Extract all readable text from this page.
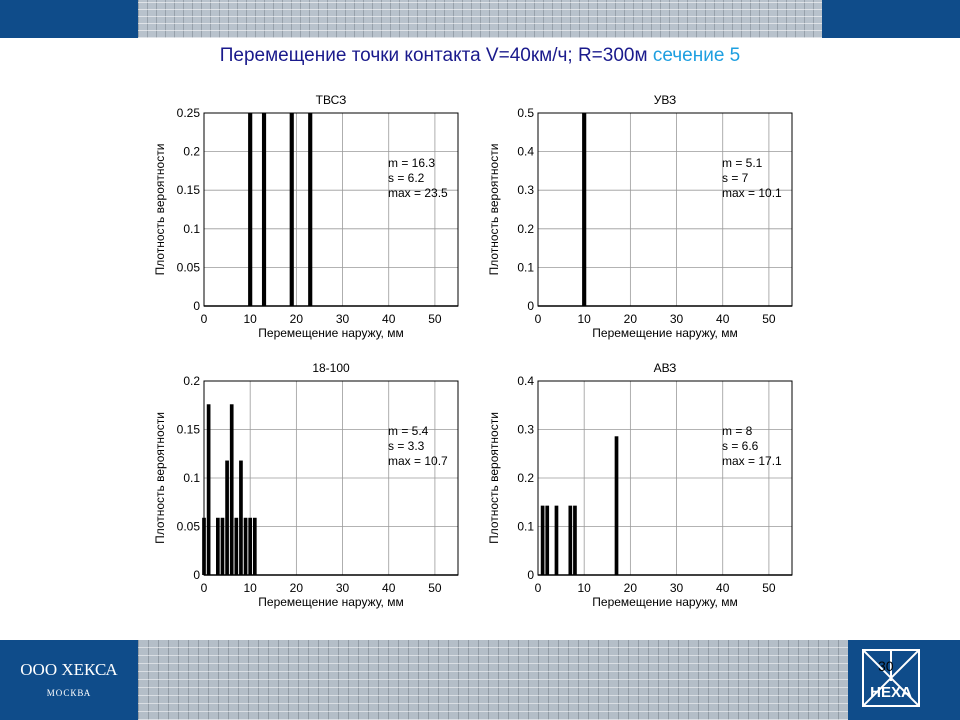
Перемещение точки контакта V=40км/ч; R=300м сечение 5
0	10	20	30	40	50
0
0.05
0.1
0.15
0.2
0.25
ТВСЗ
Перемещение наружу, мм
Плотность вероятности	m = 16.3
s = 6.2
max = 23.5
0	10	20	30	40	50
0
0.1
0.2
0.3
0.4
0.5
УВЗ
Перемещение наружу, мм
Плотность вероятности	m = 5.1
s = 7
max = 10.1
0	10	20	30	40	50
0
0.05
0.1
0.15
0.2
18-100
Перемещение наружу, мм
Плотность вероятности	m = 5.4
s = 3.3
max = 10.7
0	10	20	30	40	50
0
0.1
0.2
0.3
0.4
АВЗ
Перемещение наружу, мм
Плотность вероятности	m = 8
s = 6.6
max = 17.1
ООО ХЕКСА
МОСКВА	HEXA
30
